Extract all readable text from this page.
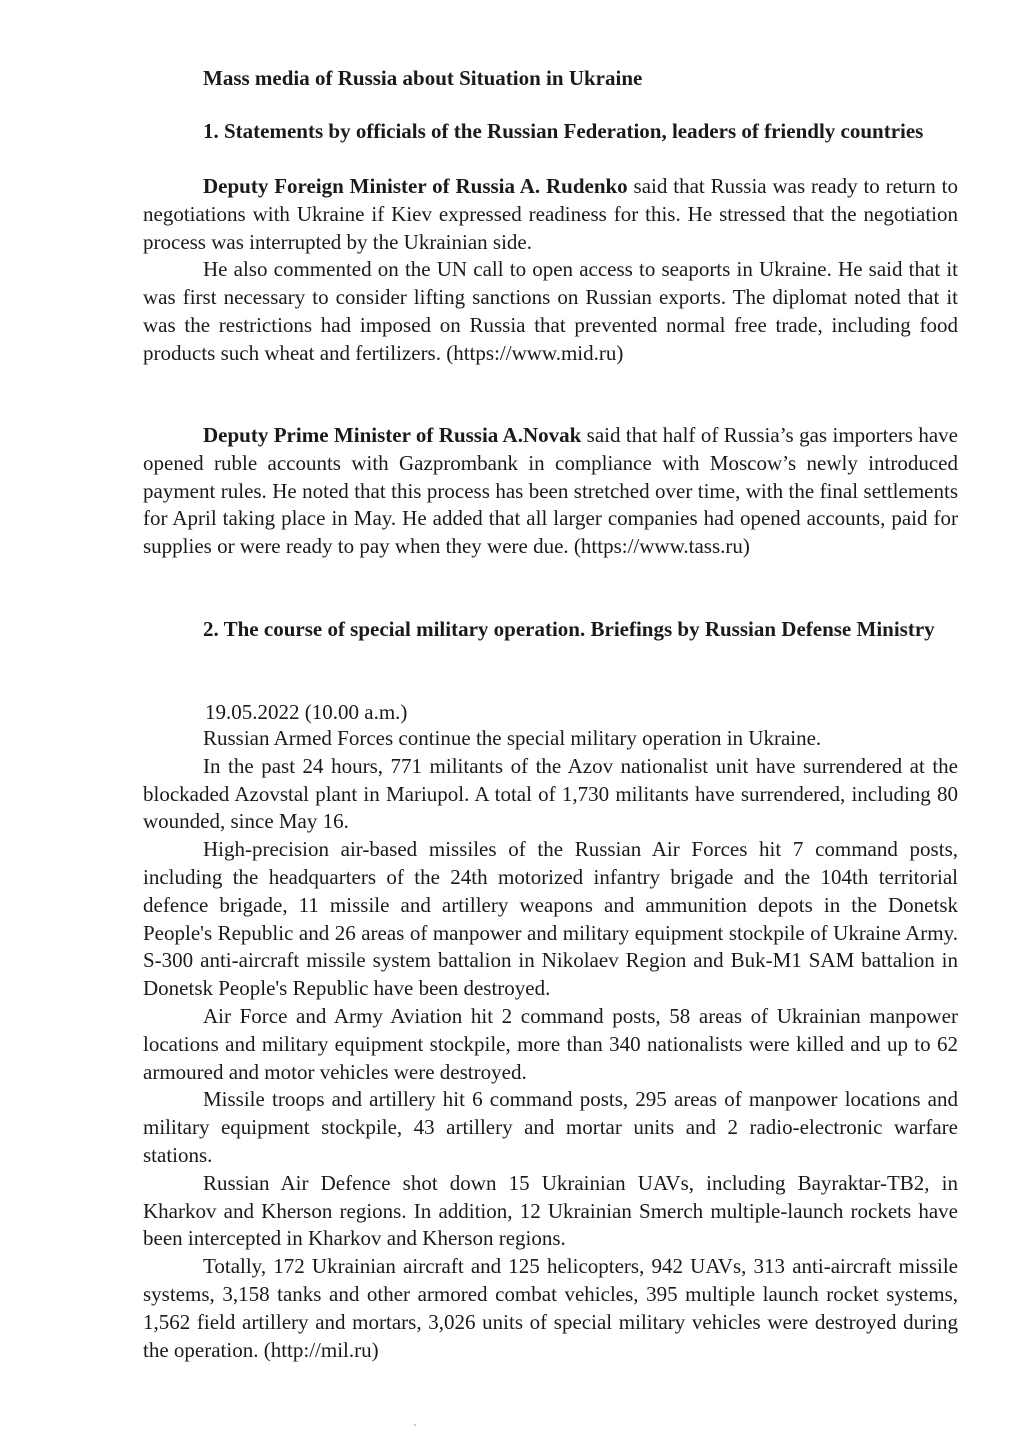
Mass media of Russia about Situation in Ukraine

1. Statements by officials of the Russian Federation, leaders of friendly countries

Deputy Foreign Minister of Russia A. Rudenko said that Russia was ready to return to negotiations with Ukraine if Kiev expressed readiness for this. He stressed that the negotiation process was interrupted by the Ukrainian side.

He also commented on the UN call to open access to seaports in Ukraine. He said that it was first necessary to consider lifting sanctions on Russian exports. The diplomat noted that it was the restrictions had imposed on Russia that prevented normal free trade, including food products such wheat and fertilizers. (https://www.mid.ru)

Deputy Prime Minister of Russia A.Novak said that half of Russia’s gas importers have opened ruble accounts with Gazprombank in compliance with Moscow’s newly introduced payment rules. He noted that this process has been stretched over time, with the final settlements for April taking place in May. He added that all larger companies had opened accounts, paid for supplies or were ready to pay when they were due. (https://www.tass.ru)

2. The course of special military operation. Briefings by Russian Defense Ministry

19.05.2022 (10.00 a.m.)

Russian Armed Forces continue the special military operation in Ukraine.

In the past 24 hours, 771 militants of the Azov nationalist unit have surrendered at the blockaded Azovstal plant in Mariupol. A total of 1,730 militants have surrendered, including 80 wounded, since May 16.

High-precision air-based missiles of the Russian Air Forces hit 7 command posts, including the headquarters of the 24th motorized infantry brigade and the 104th territorial defence brigade, 11 missile and artillery weapons and ammunition depots in the Donetsk People's Republic and 26 areas of manpower and military equipment stockpile of Ukraine Army. S-300 anti-aircraft missile system battalion in Nikolaev Region and Buk-M1 SAM battalion in Donetsk People's Republic have been destroyed.

Air Force and Army Aviation hit 2 command posts, 58 areas of Ukrainian manpower locations and military equipment stockpile, more than 340 nationalists were killed and up to 62 armoured and motor vehicles were destroyed.

Missile troops and artillery hit 6 command posts, 295 areas of manpower locations and military equipment stockpile, 43 artillery and mortar units and 2 radio-electronic warfare stations.

Russian Air Defence shot down 15 Ukrainian UAVs, including Bayraktar-TB2, in Kharkov and Kherson regions. In addition, 12 Ukrainian Smerch multiple-launch rockets have been intercepted in Kharkov and Kherson regions.

Totally, 172 Ukrainian aircraft and 125 helicopters, 942 UAVs, 313 anti-aircraft missile systems, 3,158 tanks and other armored combat vehicles, 395 multiple launch rocket systems, 1,562 field artillery and mortars, 3,026 units of special military vehicles were destroyed during the operation. (http://mil.ru)
